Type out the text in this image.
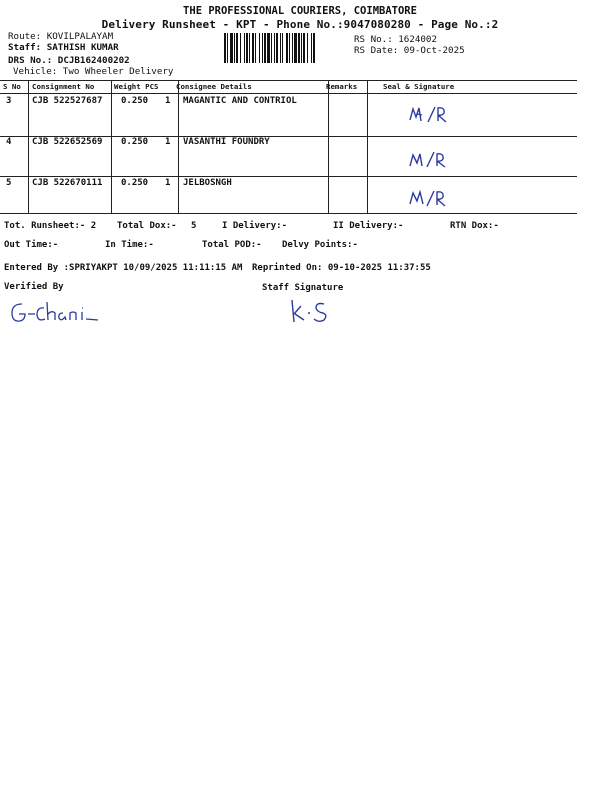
THE PROFESSIONAL COURIERS, COIMBATORE
Delivery Runsheet - KPT - Phone No.:9047080280 - Page No.:2
Route: KOVILPALAYAM
Staff: SATHISH KUMAR
DRS No.: DCJB162400202
Vehicle: Two Wheeler Delivery
RS No.: 1624002
RS Date: 09-Oct-2025
S No Consignment No	Weight PCS Consignee Details	Remarks	Seal & Signature
3 CJB 522527687 0.250 1 MAGANTIC AND CONTRIOL
4 CJB 522652569 0.250 1 VASANTHI FOUNDRY
5 CJB 522670111 0.250 1 JELBOSNGH
Tot. Runsheet:- 2 Total Dox:- 5	I Delivery:-	II Delivery:-	RTN Dox:-
Out Time:-	In Time:-	Total POD:- Delvy Points:-
Entered By :SPRIYAKPT 10/09/2025 11:11:15 AM Reprinted On: 09-10-2025 11:37:55
Verified By	Staff Signature
